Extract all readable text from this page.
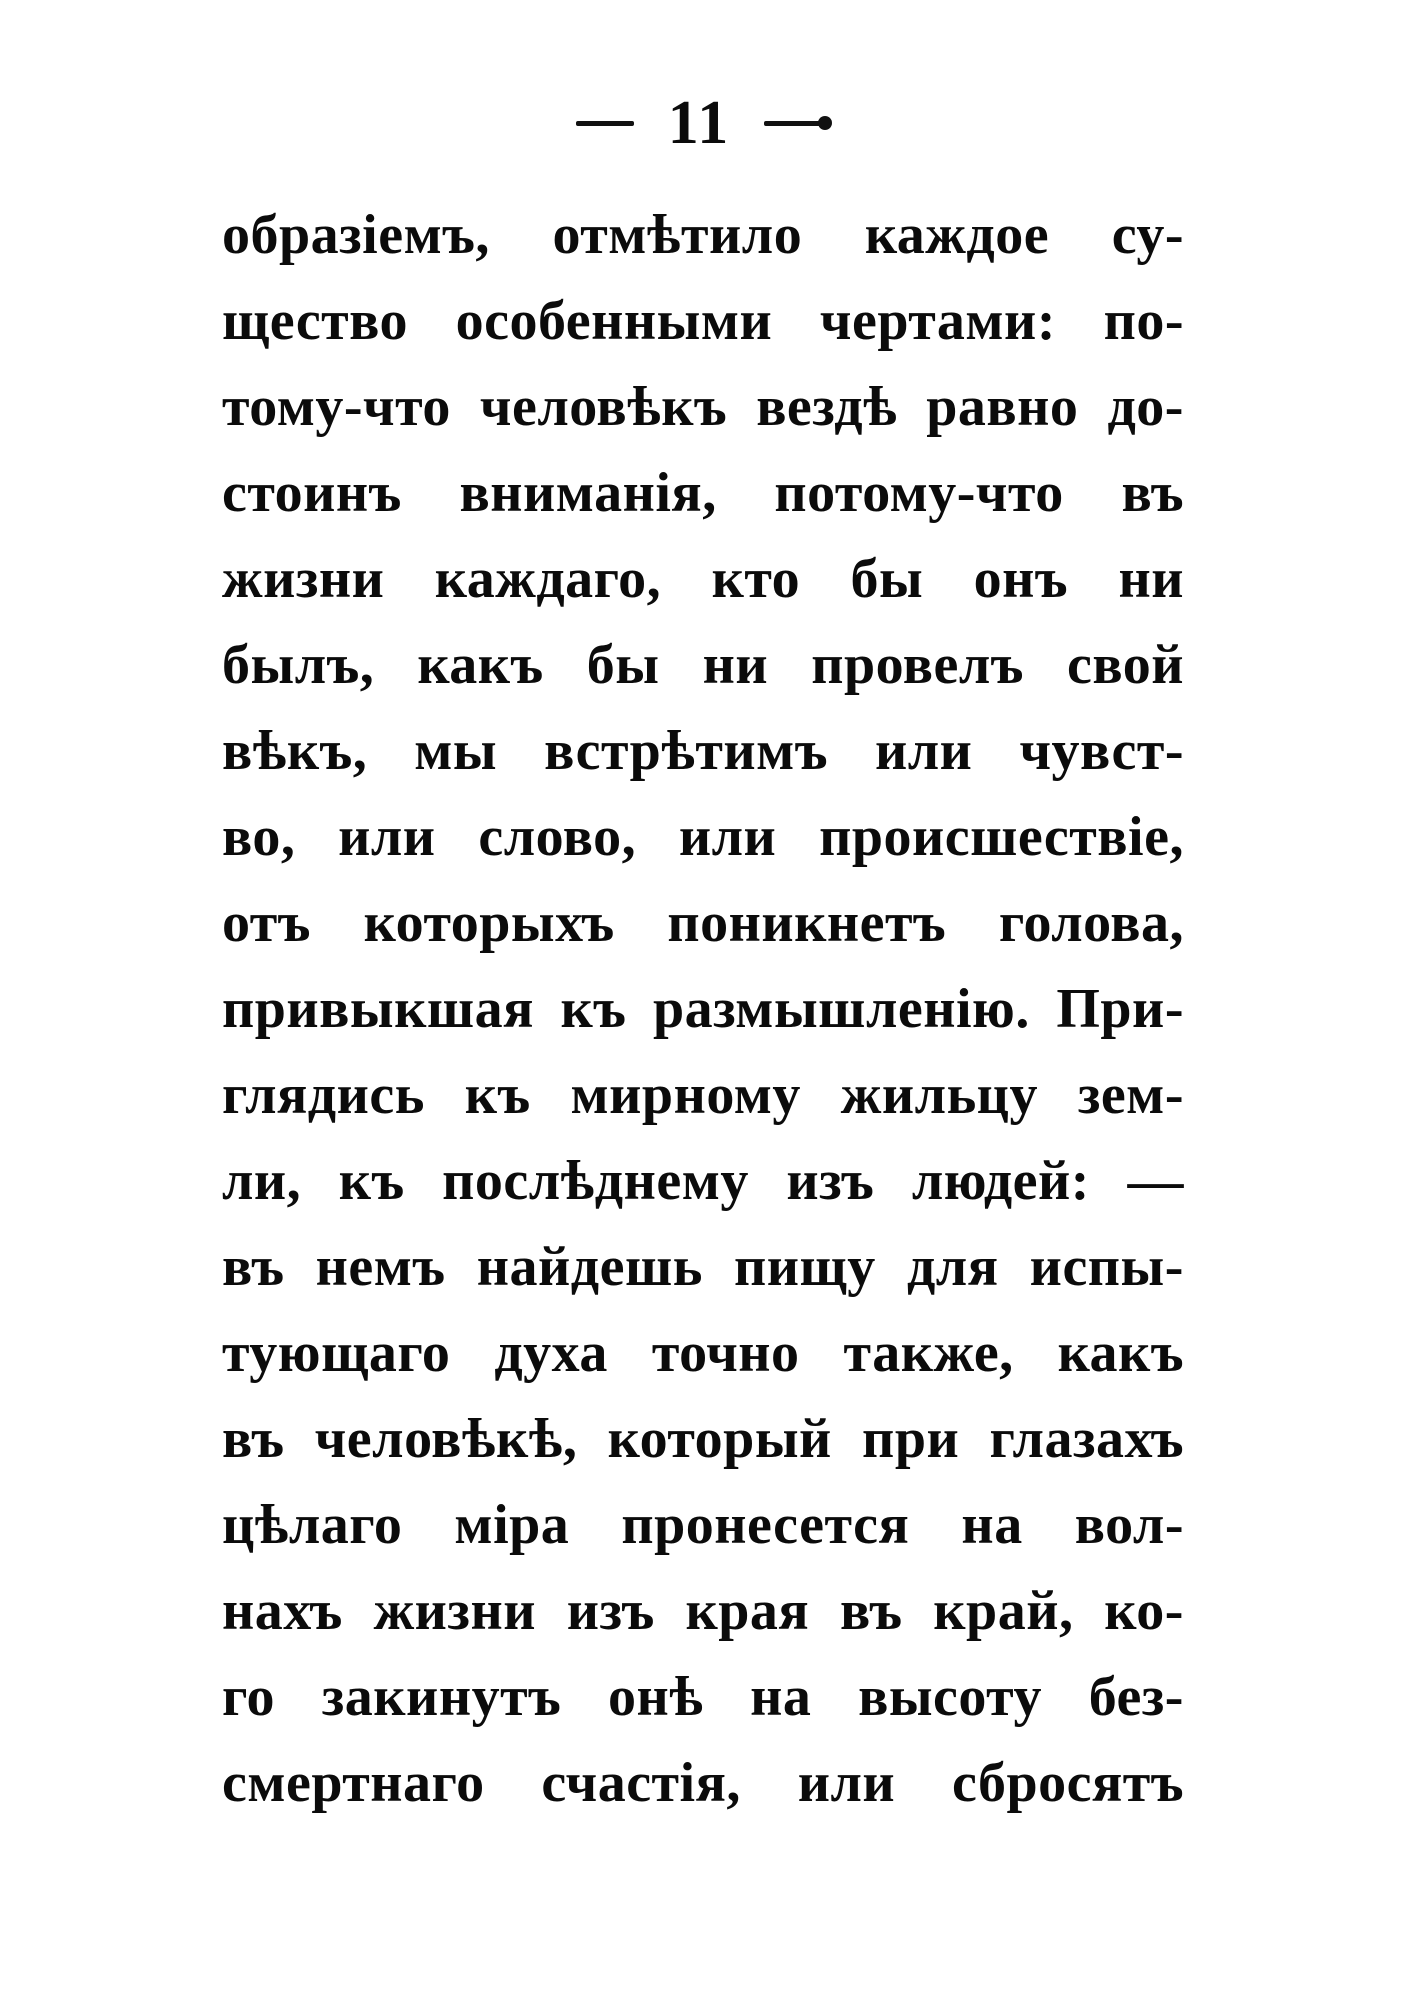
11
образіемъ, отмѣтило каждое су-
щество особенными чертами: по-
тому-что человѣкъ вездѣ равно до-
стоинъ вниманія, потому-что въ
жизни каждаго, кто бы онъ ни
былъ, какъ бы ни провелъ свой
вѣкъ, мы встрѣтимъ или чувст-
во, или слово, или происшествіе,
отъ которыхъ поникнетъ голова,
привыкшая къ размышленію. При-
глядись къ мирному жильцу зем-
ли, къ послѣднему изъ людей: —
въ немъ найдешь пищу для испы-
тующаго духа точно также, какъ
въ человѣкѣ, который при глазахъ
цѣлаго міра пронесется на вол-
нахъ жизни изъ края въ край, ко-
го закинутъ онѣ на высоту без-
смертнаго счастія, или сбросятъ
